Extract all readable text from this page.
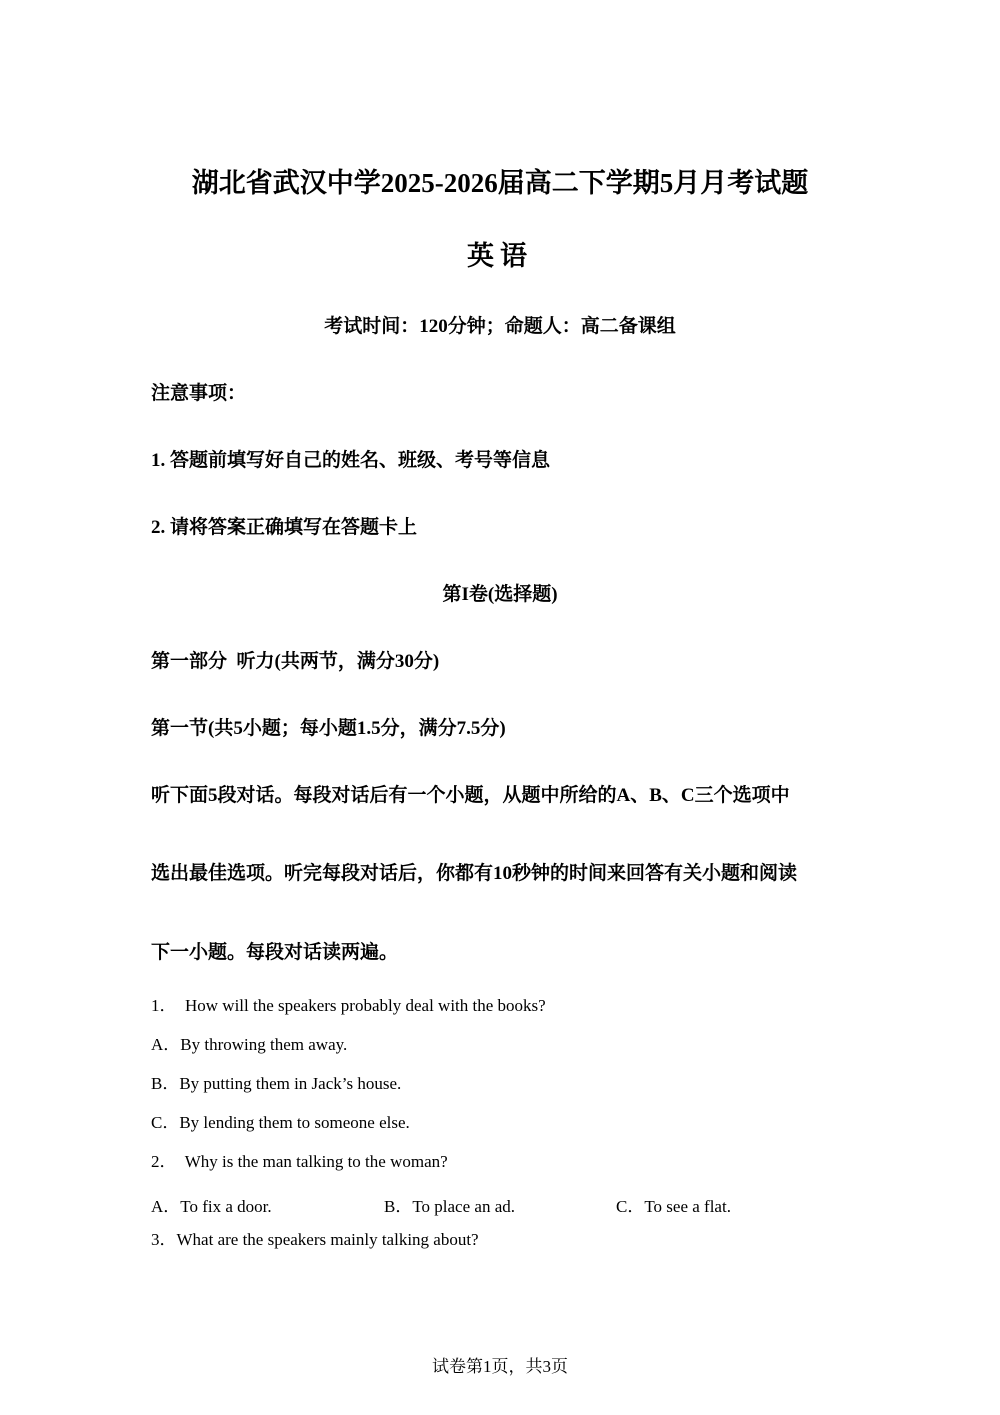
湖北省武汉中学2025-2026届高二下学期5月月考试题
英语
考试时间：120分钟；命题人：高二备课组
注意事项：
1. 答题前填写好自己的姓名、班级、考号等信息
2. 请将答案正确填写在答题卡上
第I卷(选择题)
第一部分  听力(共两节，满分30分)
第一节(共5小题；每小题1.5分，满分7.5分)
听下面5段对话。每段对话后有一个小题，从题中所给的A、B、C三个选项中
选出最佳选项。听完每段对话后，你都有10秒钟的时间来回答有关小题和阅读
下一小题。每段对话读两遍。
1．  How will the speakers probably deal with the books?
A．By throwing them away.
B．By putting them in Jack’s house.
C．By lending them to someone else.
2．  Why is the man talking to the woman?
A．To fix a door.	B．To place an ad.	C．To see a flat.
3．What are the speakers mainly talking about?
试卷第1页，共3页
